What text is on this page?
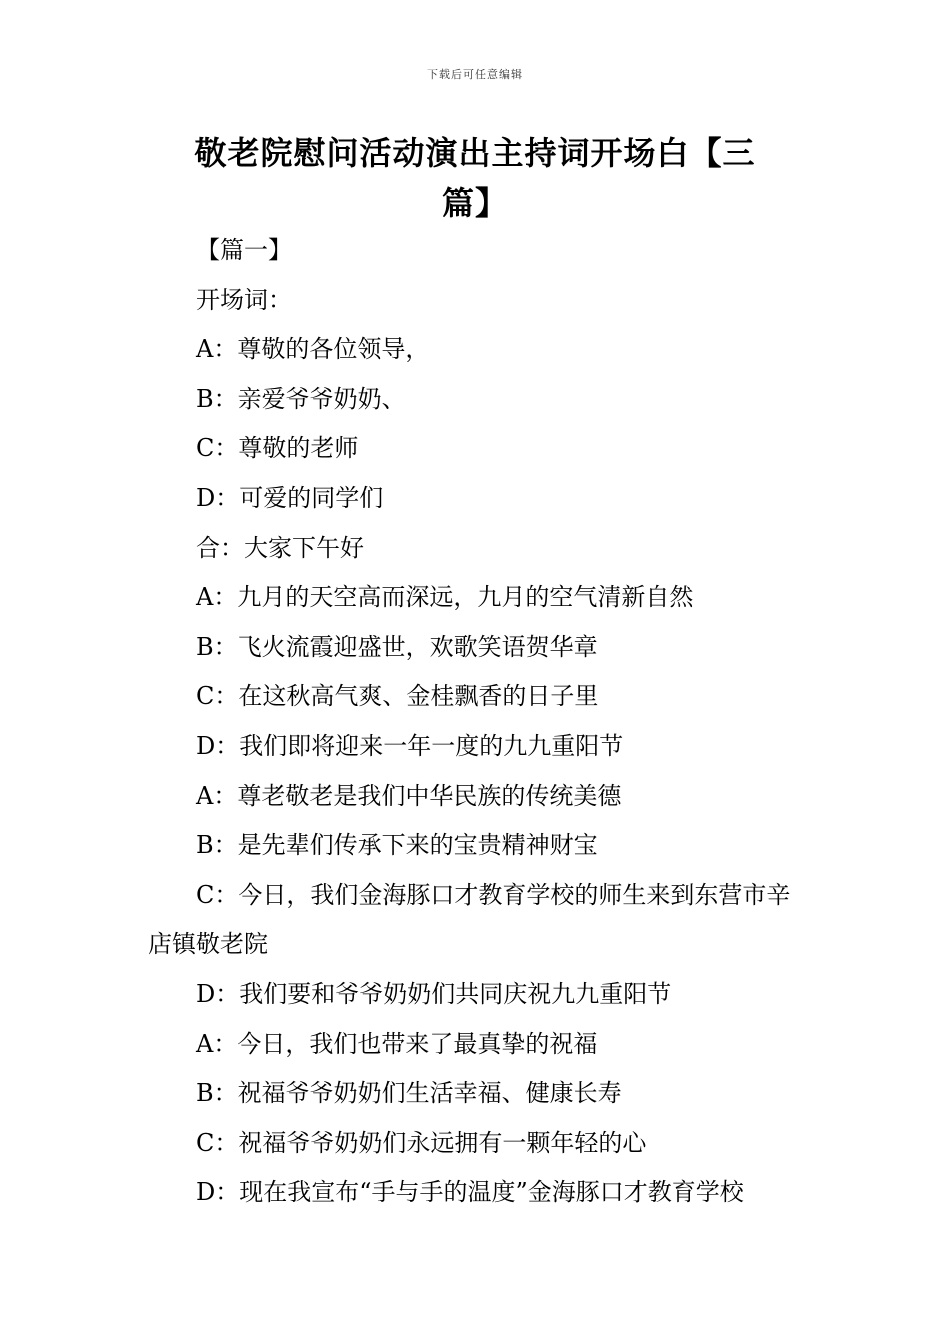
下载后可任意编辑
敬老院慰问活动演出主持词开场白【三篇】

【篇一】

开场词：

A：尊敬的各位领导，

B：亲爱爷爷奶奶、

C：尊敬的老师

D：可爱的同学们

合：大家下午好

A：九月的天空高而深远，九月的空气清新自然

B：飞火流霞迎盛世，欢歌笑语贺华章

C：在这秋高气爽、金桂飘香的日子里

D：我们即将迎来一年一度的九九重阳节

A：尊老敬老是我们中华民族的传统美德

B：是先辈们传承下来的宝贵精神财宝

C：今日，我们金海豚口才教育学校的师生来到东营市辛店镇敬老院

D：我们要和爷爷奶奶们共同庆祝九九重阳节

A：今日，我们也带来了最真挚的祝福

B：祝福爷爷奶奶们生活幸福、健康长寿

C：祝福爷爷奶奶们永远拥有一颗年轻的心

D：现在我宣布“手与手的温度”金海豚口才教育学校
